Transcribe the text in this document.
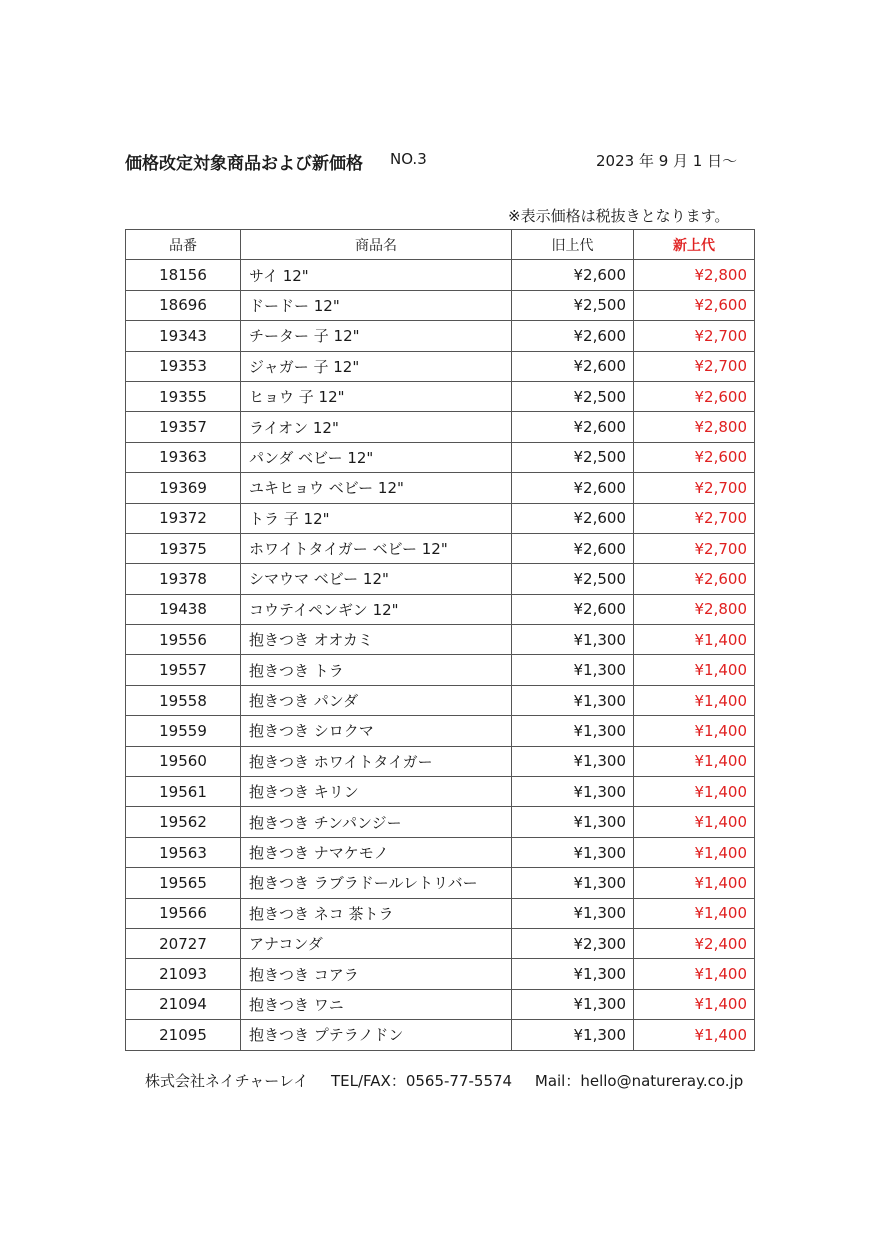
価格改定対象商品および新価格 NO.3	2023 年 9 月 1 日〜
※表示価格は税抜きとなります。
品番	商品名	旧上代	新上代
18156	サイ 12"	¥2,600	¥2,800
18696	ドードー 12"	¥2,500	¥2,600
19343	チーター 子 12"	¥2,600	¥2,700
19353	ジャガー 子 12"	¥2,600	¥2,700
19355	ヒョウ 子 12"	¥2,500	¥2,600
19357	ライオン 12"	¥2,600	¥2,800
19363	パンダ ベビー 12"	¥2,500	¥2,600
19369	ユキヒョウ ベビー 12"	¥2,600	¥2,700
19372	トラ 子 12"	¥2,600	¥2,700
19375	ホワイトタイガー ベビー 12"	¥2,600	¥2,700
19378	シマウマ ベビー 12"	¥2,500	¥2,600
19438	コウテイペンギン 12"	¥2,600	¥2,800
19556	抱きつき オオカミ	¥1,300	¥1,400
19557	抱きつき トラ	¥1,300	¥1,400
19558	抱きつき パンダ	¥1,300	¥1,400
19559	抱きつき シロクマ	¥1,300	¥1,400
19560	抱きつき ホワイトタイガー	¥1,300	¥1,400
19561	抱きつき キリン	¥1,300	¥1,400
19562	抱きつき チンパンジー	¥1,300	¥1,400
19563	抱きつき ナマケモノ	¥1,300	¥1,400
19565	抱きつき ラブラドールレトリバー	¥1,300	¥1,400
19566	抱きつき ネコ 茶トラ	¥1,300	¥1,400
20727	アナコンダ	¥2,300	¥2,400
21093	抱きつき コアラ	¥1,300	¥1,400
21094	抱きつき ワニ	¥1,300	¥1,400
21095	抱きつき プテラノドン	¥1,300	¥1,400
株式会社ネイチャーレイ TEL/FAX：0565-77-5574 Mail：hello@natureray.co.jp
